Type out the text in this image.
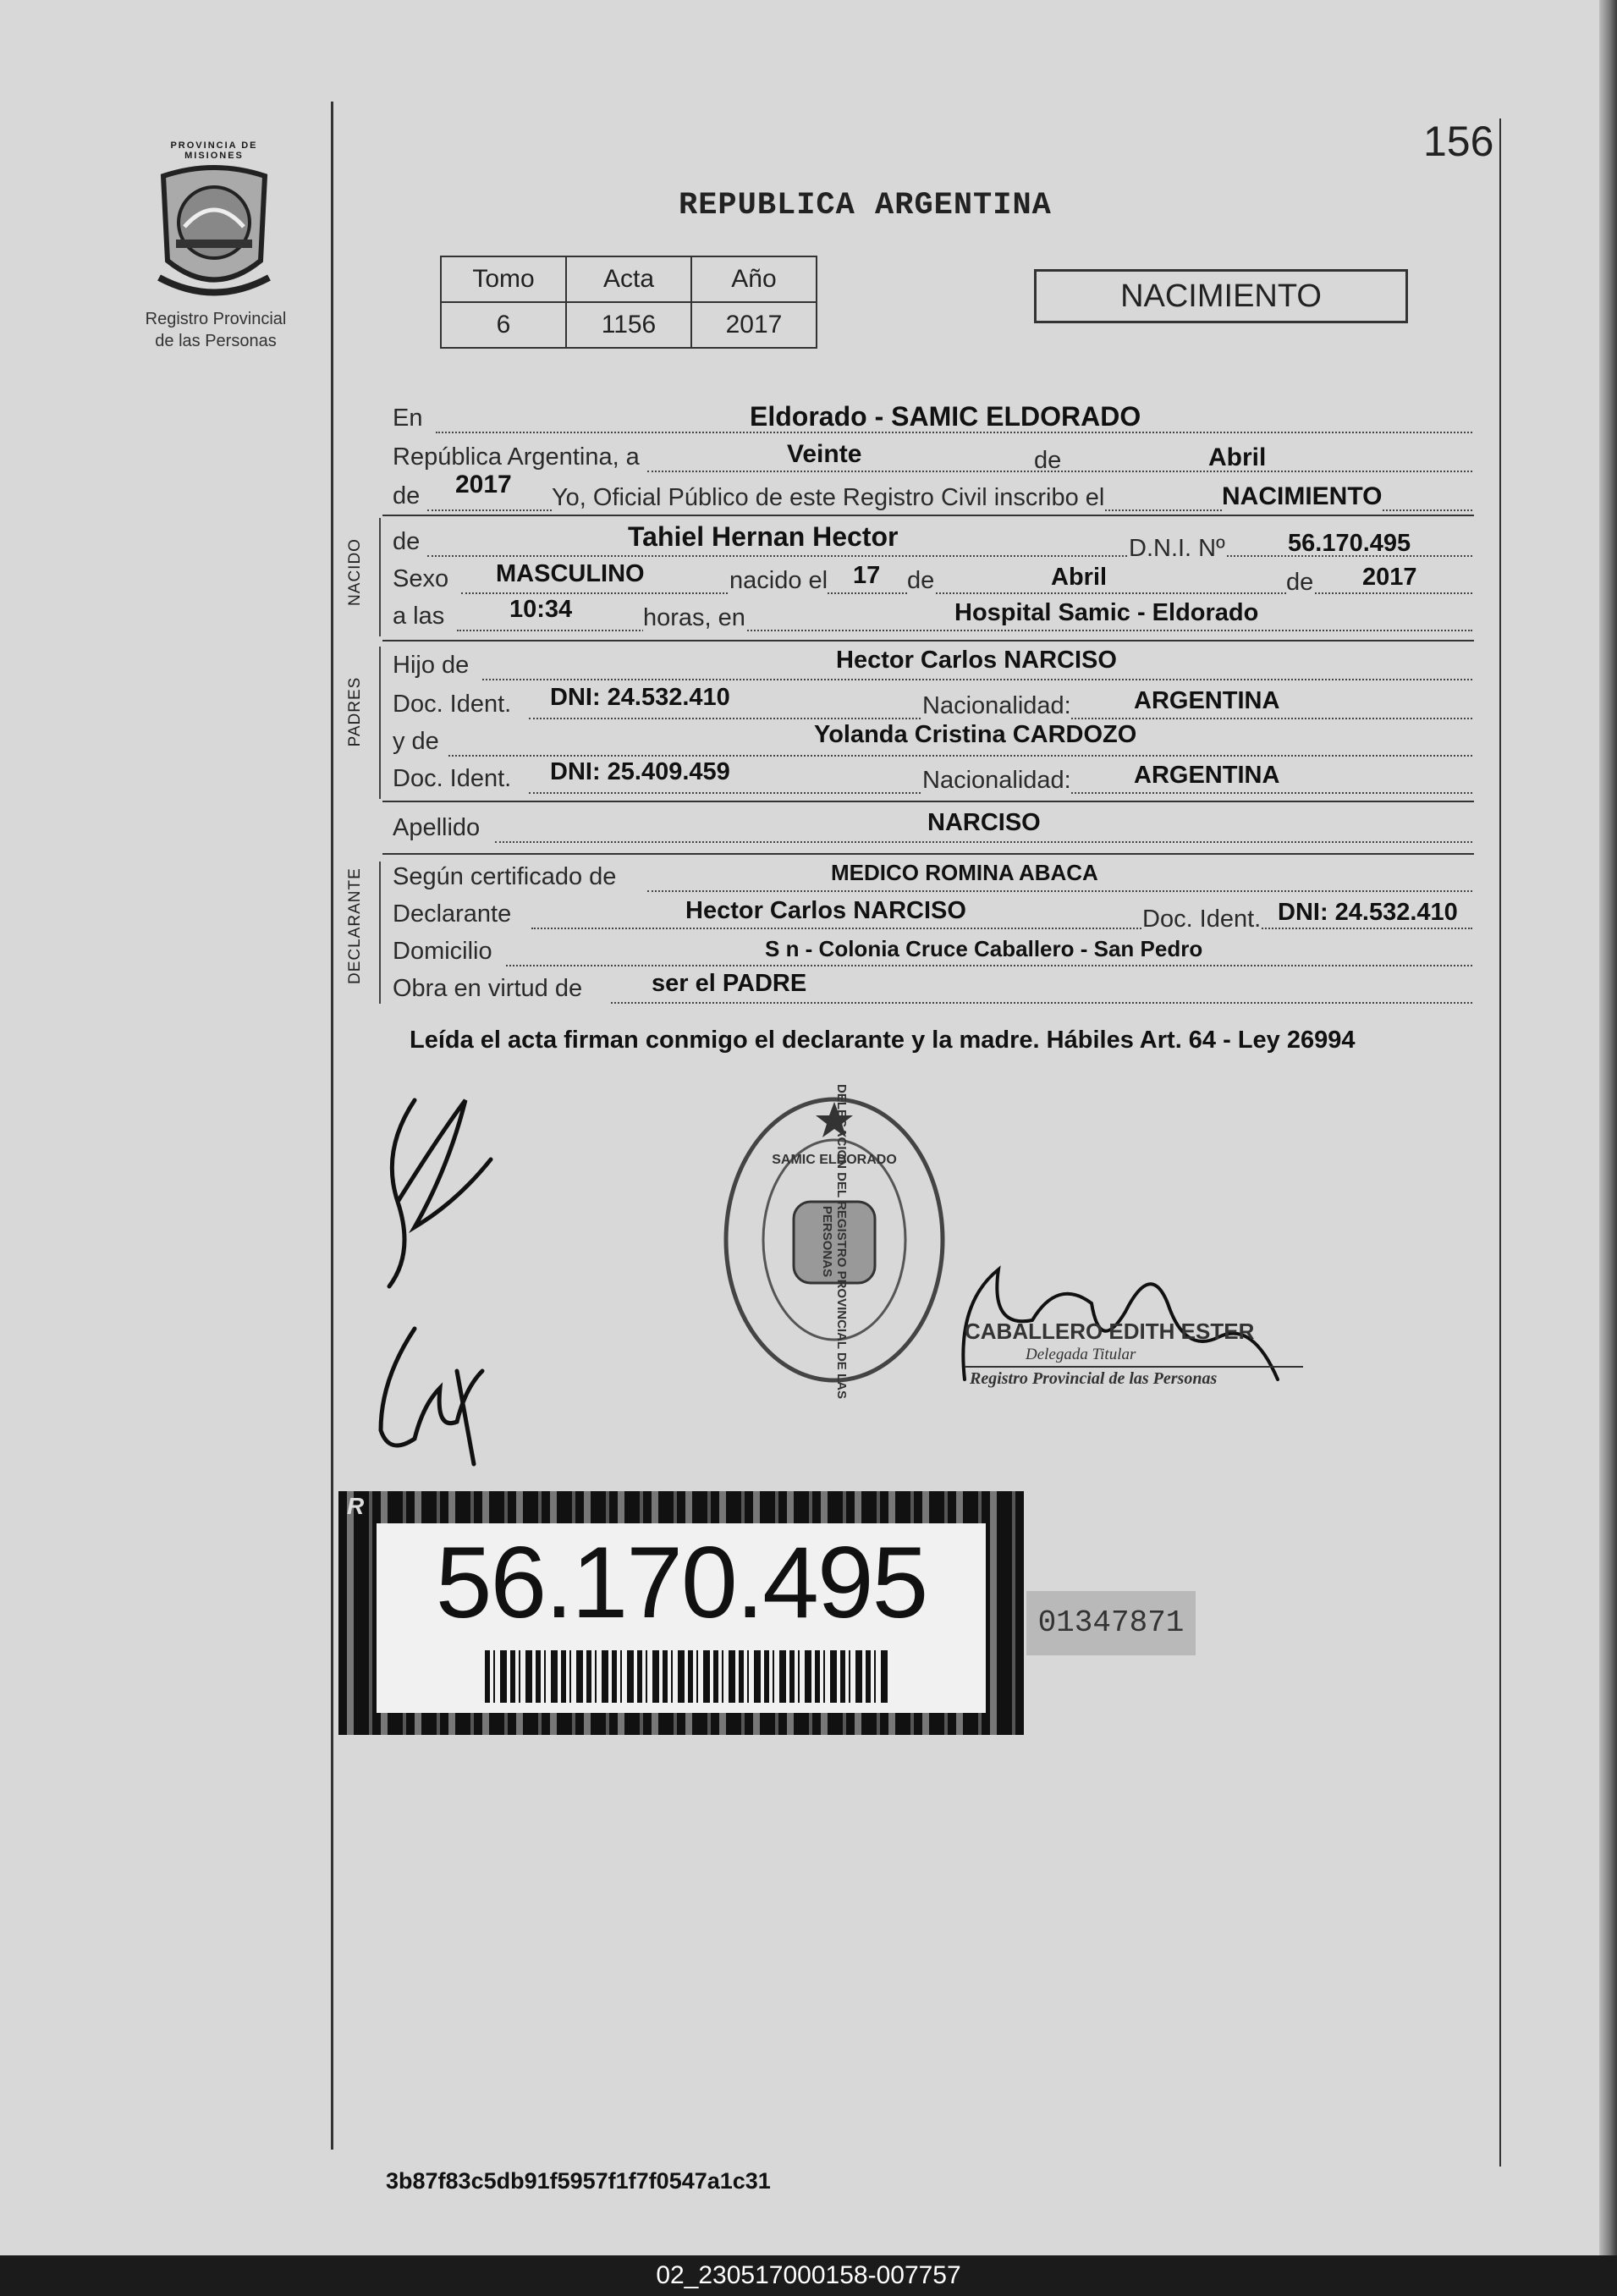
156
PROVINCIA DE MISIONES
Registro Provincial
de las Personas
REPUBLICA ARGENTINA
Tomo	Acta	Año
6	1156	2017
NACIMIENTO
En	Eldorado - SAMIC ELDORADO
República Argentina, a	Veinte	de	Abril
de 2017 Yo, Oficial Público de este Registro Civil inscribo el	NACIMIENTO
NACIDO de	Tahiel Hernan Hector	D.N.I. Nº	56.170.495
Sexo MASCULINO	nacido el 17 de	Abril	de 2017
a las	10:34	horas, en	Hospital Samic - Eldorado
PADRES
Hijo de	Hector Carlos NARCISO
Doc. Ident. DNI: 24.532.410	Nacionalidad:	ARGENTINA
y de	Yolanda Cristina CARDOZO
Doc. Ident. DNI: 25.409.459	Nacionalidad:	ARGENTINA
Apellido	NARCISO
DECLARANTE Según certificado de	MEDICO ROMINA ABACA
Declarante	Hector Carlos NARCISO	Doc. Ident. DNI: 24.532.410
Domicilio	S n - Colonia Cruce Caballero - San Pedro
Obra en virtud de	ser el PADRE
Leída el acta firman conmigo el declarante y la madre. Hábiles Art. 64 - Ley 26994
DELEGACION DEL REGISTRO PROVINCIAL DE LAS PERSONAS
SAMIC ELDORADO
CABALLERO EDITH ESTER
Delegada Titular
Registro Provincial de las Personas
R
56.170.495	01347871
3b87f83c5db91f5957f1f7f0547a1c31
02_230517000158-007757
